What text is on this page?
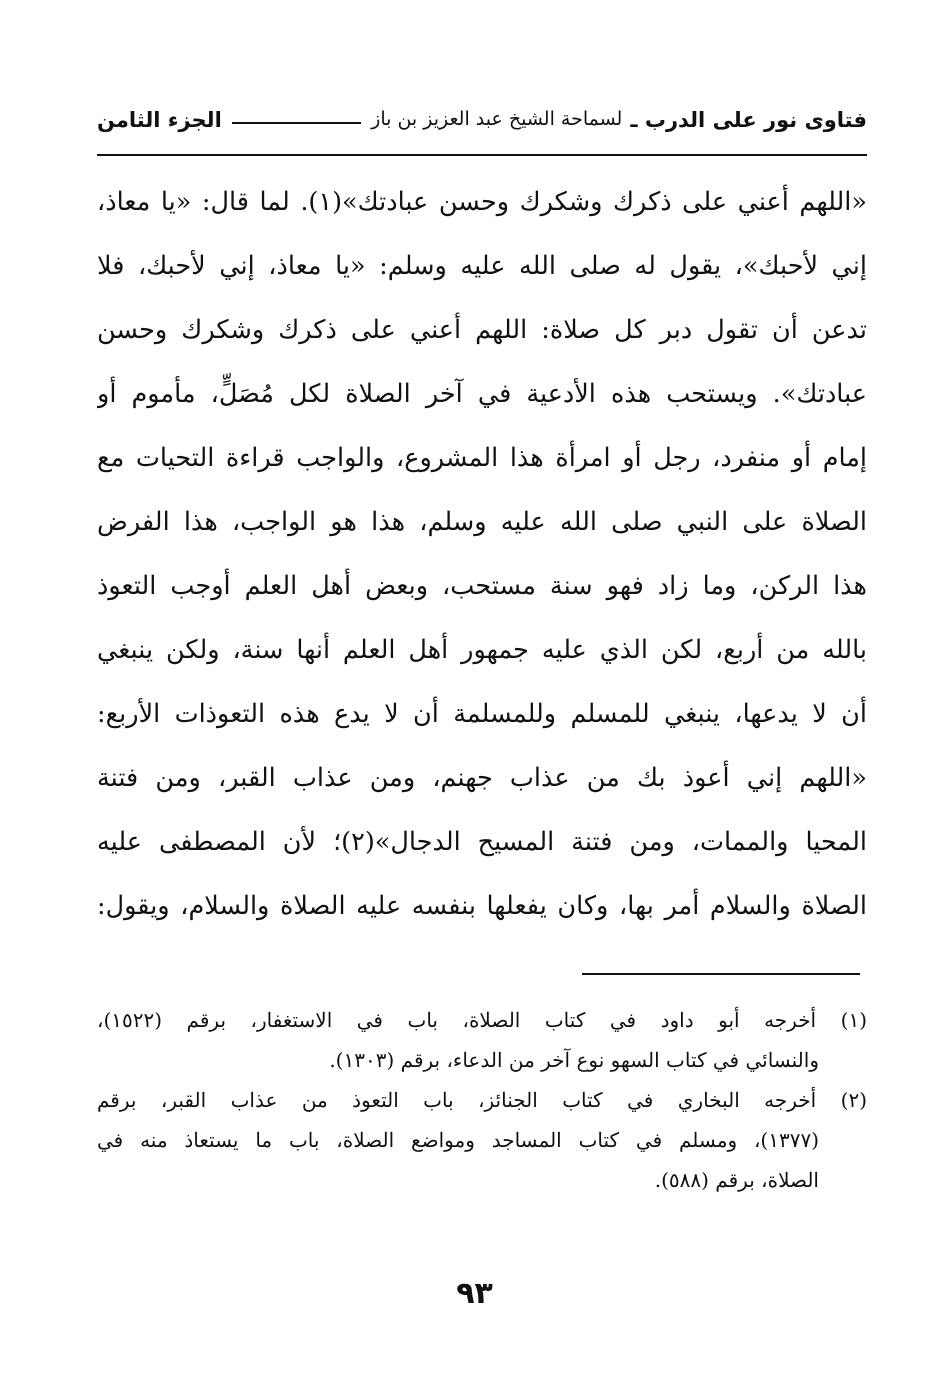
فتاوى نور على الدرب ـ
لسماحة الشيخ عبد العزيز بن باز
الجزء الثامن
«اللهم أعني على ذكرك وشكرك وحسن عبادتك»(١). لما قال: «يا معاذ،
إني لأحبك»، يقول له صلى الله عليه وسلم: «يا معاذ، إني لأحبك، فلا
تدعن أن تقول دبر كل صلاة: اللهم أعني على ذكرك وشكرك وحسن
عبادتك». ويستحب هذه الأدعية في آخر الصلاة لكل مُصَلٍّ، مأموم أو
إمام أو منفرد، رجل أو امرأة هذا المشروع، والواجب قراءة التحيات مع
الصلاة على النبي صلى الله عليه وسلم، هذا هو الواجب، هذا الفرض
هذا الركن، وما زاد فهو سنة مستحب، وبعض أهل العلم أوجب التعوذ
بالله من أربع، لكن الذي عليه جمهور أهل العلم أنها سنة، ولكن ينبغي
أن لا يدعها، ينبغي للمسلم وللمسلمة أن لا يدع هذه التعوذات الأربع:
«اللهم إني أعوذ بك من عذاب جهنم، ومن عذاب القبر، ومن فتنة
المحيا والممات، ومن فتنة المسيح الدجال»(٢)؛ لأن المصطفى عليه
الصلاة والسلام أمر بها، وكان يفعلها بنفسه عليه الصلاة والسلام، ويقول:
(١) أخرجه أبو داود في كتاب الصلاة، باب في الاستغفار، برقم (١٥٢٢)،
والنسائي في كتاب السهو نوع آخر من الدعاء، برقم (١٣٠٣).
(٢) أخرجه البخاري في كتاب الجنائز، باب التعوذ من عذاب القبر، برقم
(١٣٧٧)، ومسلم في كتاب المساجد ومواضع الصلاة، باب ما يستعاذ منه في
الصلاة، برقم (٥٨٨).
٩٣
